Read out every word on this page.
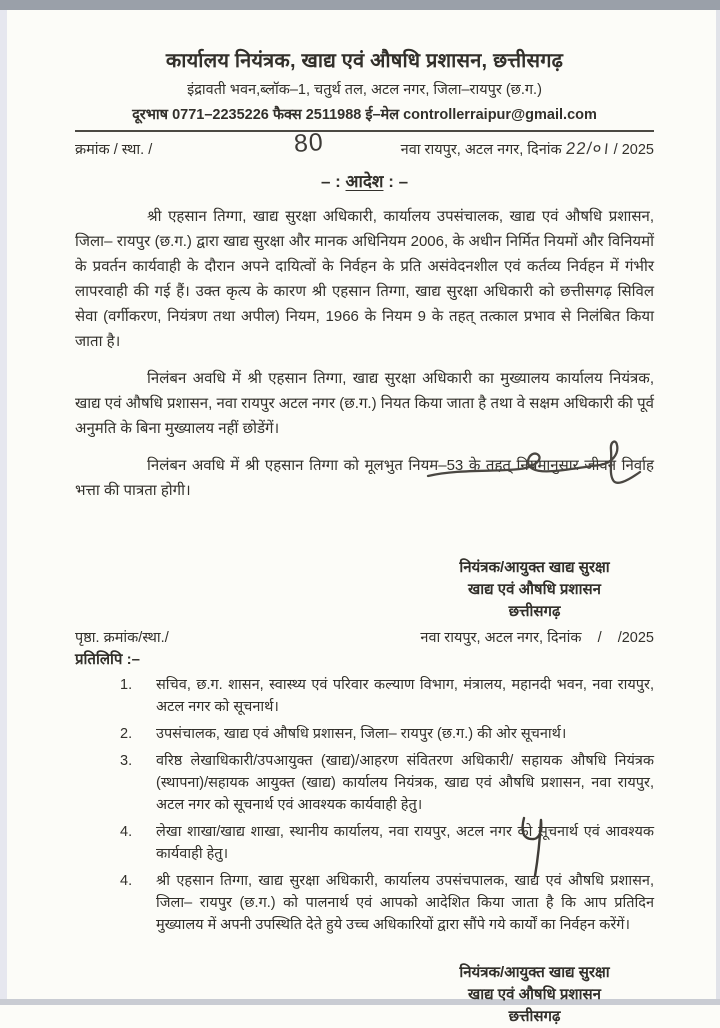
कार्यालय नियंत्रक, खाद्य एवं औषधि प्रशासन, छत्तीसगढ़
इंद्रावती भवन,ब्लॉक–1, चतुर्थ तल, अटल नगर, जिला–रायपुर (छ.ग.)
दूरभाष 0771–2235226 फैक्स 2511988 ई–मेल controllerraipur@gmail.com
क्रमांक / स्था. /	नवा रायपुर, अटल नगर, दिनांक 22/०। / 2025
– : आदेश : –

श्री एहसान तिग्गा, खाद्य सुरक्षा अधिकारी, कार्यालय उपसंचालक, खाद्य एवं औषधि प्रशासन, जिला– रायपुर (छ.ग.) द्वारा खाद्य सुरक्षा और मानक अधिनियम 2006, के अधीन निर्मित नियमों और विनियमों के प्रवर्तन कार्यवाही के दौरान अपने दायित्वों के निर्वहन के प्रति असंवेदनशील एवं कर्तव्य निर्वहन में गंभीर लापरवाही की गई हैं। उक्त कृत्य के कारण श्री एहसान तिग्गा, खाद्य सुरक्षा अधिकारी को छत्तीसगढ़ सिविल सेवा (वर्गीकरण, नियंत्रण तथा अपील) नियम, 1966 के नियम 9 के तहत् तत्काल प्रभाव से निलंबित किया जाता है।

निलंबन अवधि में श्री एहसान तिग्गा, खाद्य सुरक्षा अधिकारी का मुख्यालय कार्यालय नियंत्रक, खाद्य एवं औषधि प्रशासन, नवा रायपुर अटल नगर (छ.ग.) नियत किया जाता है तथा वे सक्षम अधिकारी की पूर्व अनुमति के बिना मुख्यालय नहीं छोडेंगें।

निलंबन अवधि में श्री एहसान तिग्गा को मूलभुत नियम–53 के तहत् नियमानुसार जीवन निर्वाह भत्ता की पात्रता होगी।

नियंत्रक/आयुक्त खाद्य सुरक्षा
खाद्य एवं औषधि प्रशासन
छत्तीसगढ़
पृष्ठा. क्रमांक/स्था./	नवा रायपुर, अटल नगर, दिनांक    /    /2025
प्रतिलिपि :–
1.	सचिव, छ.ग. शासन, स्वास्थ्य एवं परिवार कल्याण विभाग, मंत्रालय, महानदी भवन, नवा रायपुर, अटल नगर को सूचनार्थ।
2.	उपसंचालक, खाद्य एवं औषधि प्रशासन, जिला– रायपुर (छ.ग.) की ओर सूचनार्थ।
3.	वरिष्ठ लेखाधिकारी/उपआयुक्त (खाद्य)/आहरण संवितरण अधिकारी/ सहायक औषधि नियंत्रक (स्थापना)/सहायक आयुक्त (खाद्य) कार्यालय नियंत्रक, खाद्य एवं औषधि प्रशासन, नवा रायपुर, अटल नगर को सूचनार्थ एवं आवश्यक कार्यवाही हेतु।
4.	लेखा शाखा/खाद्य शाखा, स्थानीय कार्यालय, नवा रायपुर, अटल नगर को सूचनार्थ एवं आवश्यक कार्यवाही हेतु।
4.	श्री एहसान तिग्गा, खाद्य सुरक्षा अधिकारी, कार्यालय उपसंचपालक, खाद्य एवं औषधि प्रशासन, जिला– रायपुर (छ.ग.) को पालनार्थ एवं आपको आदेशित किया जाता है कि आप प्रतिदिन मुख्यालय में अपनी उपस्थिति देते हुये उच्च अधिकारियों द्वारा सौंपे गये कार्यों का निर्वहन करेंगें।
नियंत्रक/आयुक्त खाद्य सुरक्षा
खाद्य एवं औषधि प्रशासन
छत्तीसगढ़
80
